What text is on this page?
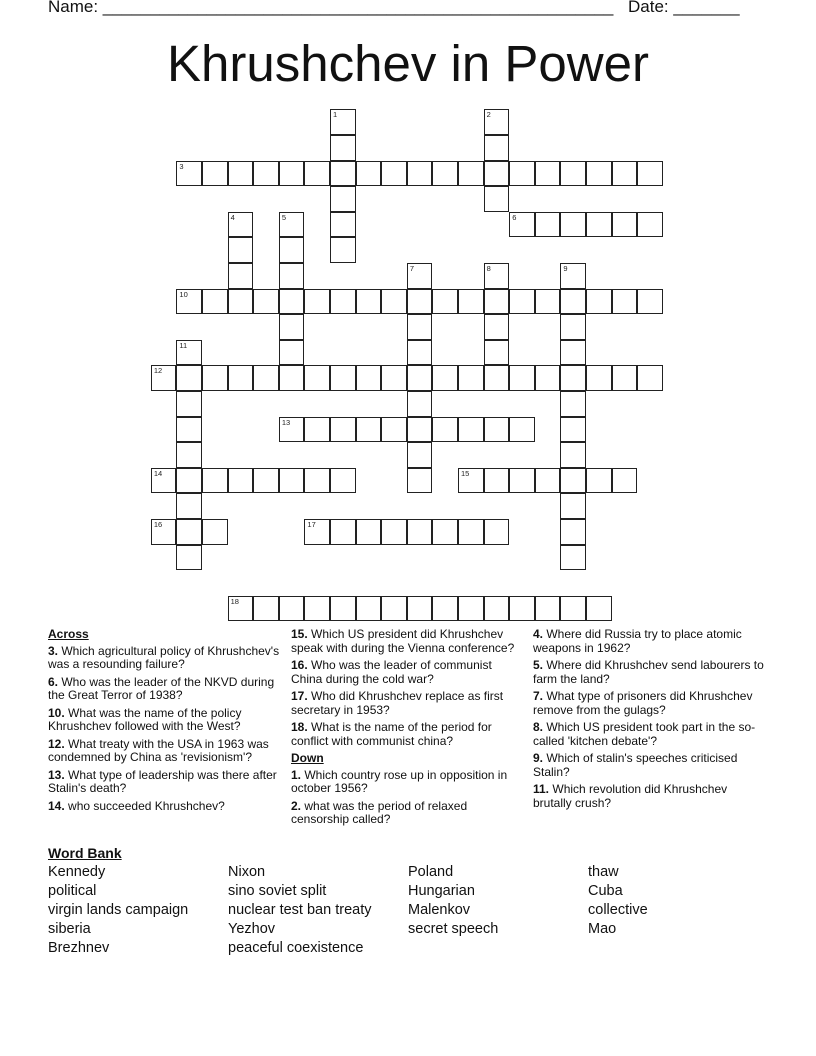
Name: ______________________________________________________ Date: _______
Khrushchev in Power
1	2
3
4	5	6
7	8	9
10
11
12
13
14	15
16	17
18
Across
3. Which agricultural policy of Khrushchev's was a resounding failure?
6. Who was the leader of the NKVD during the Great Terror of 1938?
10. What was the name of the policy Khrushchev followed with the West?
12. What treaty with the USA in 1963 was condemned by China as 'revisionism'?
13. What type of leadership was there after Stalin's death?
14. who succeeded Khrushchev?
15. Which US president did Khrushchev speak with during the Vienna conference?
16. Who was the leader of communist China during the cold war?
17. Who did Khrushchev replace as first secretary in 1953?
18. What is the name of the period for conflict with communist china?
Down
1. Which country rose up in opposition in october 1956?
2. what was the period of relaxed censorship called?
4. Where did Russia try to place atomic weapons in 1962?
5. Where did Khrushchev send labourers to farm the land?
7. What type of prisoners did Khrushchev remove from the gulags?
8. Which US president took part in the so-called 'kitchen debate'?
9. Which of stalin's speeches criticised Stalin?
11. Which revolution did Khrushchev brutally crush?
Word Bank
Kennedy
political
virgin lands campaign
siberia
Brezhnev
Nixon
sino soviet split
nuclear test ban treaty
Yezhov
peaceful coexistence
Poland
Hungarian
Malenkov
secret speech
thaw
Cuba
collective
Mao
